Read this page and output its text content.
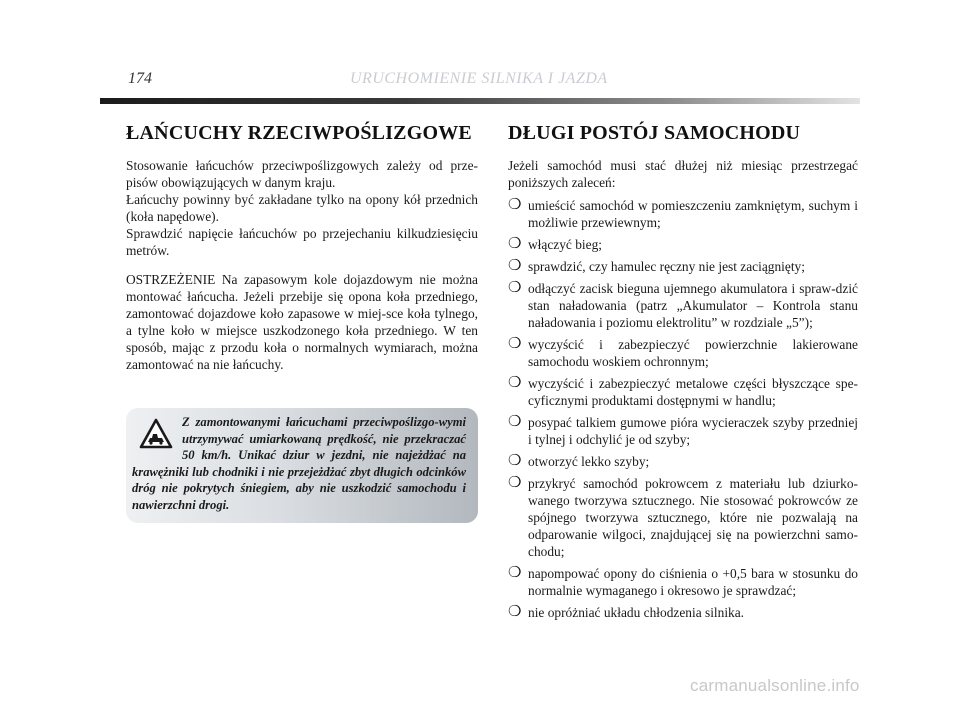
174	URUCHOMIENIE SILNIKA I JAZDA
ŁAŃCUCHY RZECIWPOŚLIZGOWE

Stosowanie łańcuchów przeciwpoślizgowych zależy od prze-pisów obowiązujących w danym kraju.

Łańcuchy powinny być zakładane tylko na opony kół przednich (koła napędowe).

Sprawdzić napięcie łańcuchów po przejechaniu kilkudziesięciu metrów.

OSTRZEŻENIE Na zapasowym kole dojazdowym nie można montować łańcucha. Jeżeli przebije się opona koła przedniego, zamontować dojazdowe koło zapasowe w miej-sce koła tylnego, a tylne koło w miejsce uszkodzonego koła przedniego. W ten sposób, mając z przodu koła o normalnych wymiarach, można zamontować na nie łańcuchy.

Z zamontowanymi łańcuchami przeciwpoślizgo-wymi utrzymywać umiarkowaną prędkość, nie przekraczać 50 km/h. Unikać dziur w jezdni, nie najeżdżać na krawężniki lub chodniki i nie przejeżdżać zbyt długich odcinków dróg nie pokrytych śniegiem, aby nie uszkodzić samochodu i nawierzchni drogi.
DŁUGI POSTÓJ SAMOCHODU

Jeżeli samochód musi stać dłużej niż miesiąc przestrzegać poniższych zaleceń:

❍ umieścić samochód w pomieszczeniu zamkniętym, suchym i możliwie przewiewnym;
❍ włączyć bieg;
❍ sprawdzić, czy hamulec ręczny nie jest zaciągnięty;
❍ odłączyć zacisk bieguna ujemnego akumulatora i spraw-dzić stan naładowania (patrz „Akumulator – Kontrola stanu naładowania i poziomu elektrolitu” w rozdziale „5”);
❍ wyczyścić i zabezpieczyć powierzchnie lakierowane samochodu woskiem ochronnym;
❍ wyczyścić i zabezpieczyć metalowe części błyszczące spe-cyficznymi produktami dostępnymi w handlu;
❍ posypać talkiem gumowe pióra wycieraczek szyby przedniej i tylnej i odchylić je od szyby;
❍ otworzyć lekko szyby;
❍ przykryć samochód pokrowcem z materiału lub dziurko-wanego tworzywa sztucznego. Nie stosować pokrowców ze spójnego tworzywa sztucznego, które nie pozwalają na odparowanie wilgoci, znajdującej się na powierzchni samo-chodu;
❍ napompować opony do ciśnienia o +0,5 bara w stosunku do normalnie wymaganego i okresowo je sprawdzać;
❍ nie opróżniać układu chłodzenia silnika.
carmanualsonline.info
